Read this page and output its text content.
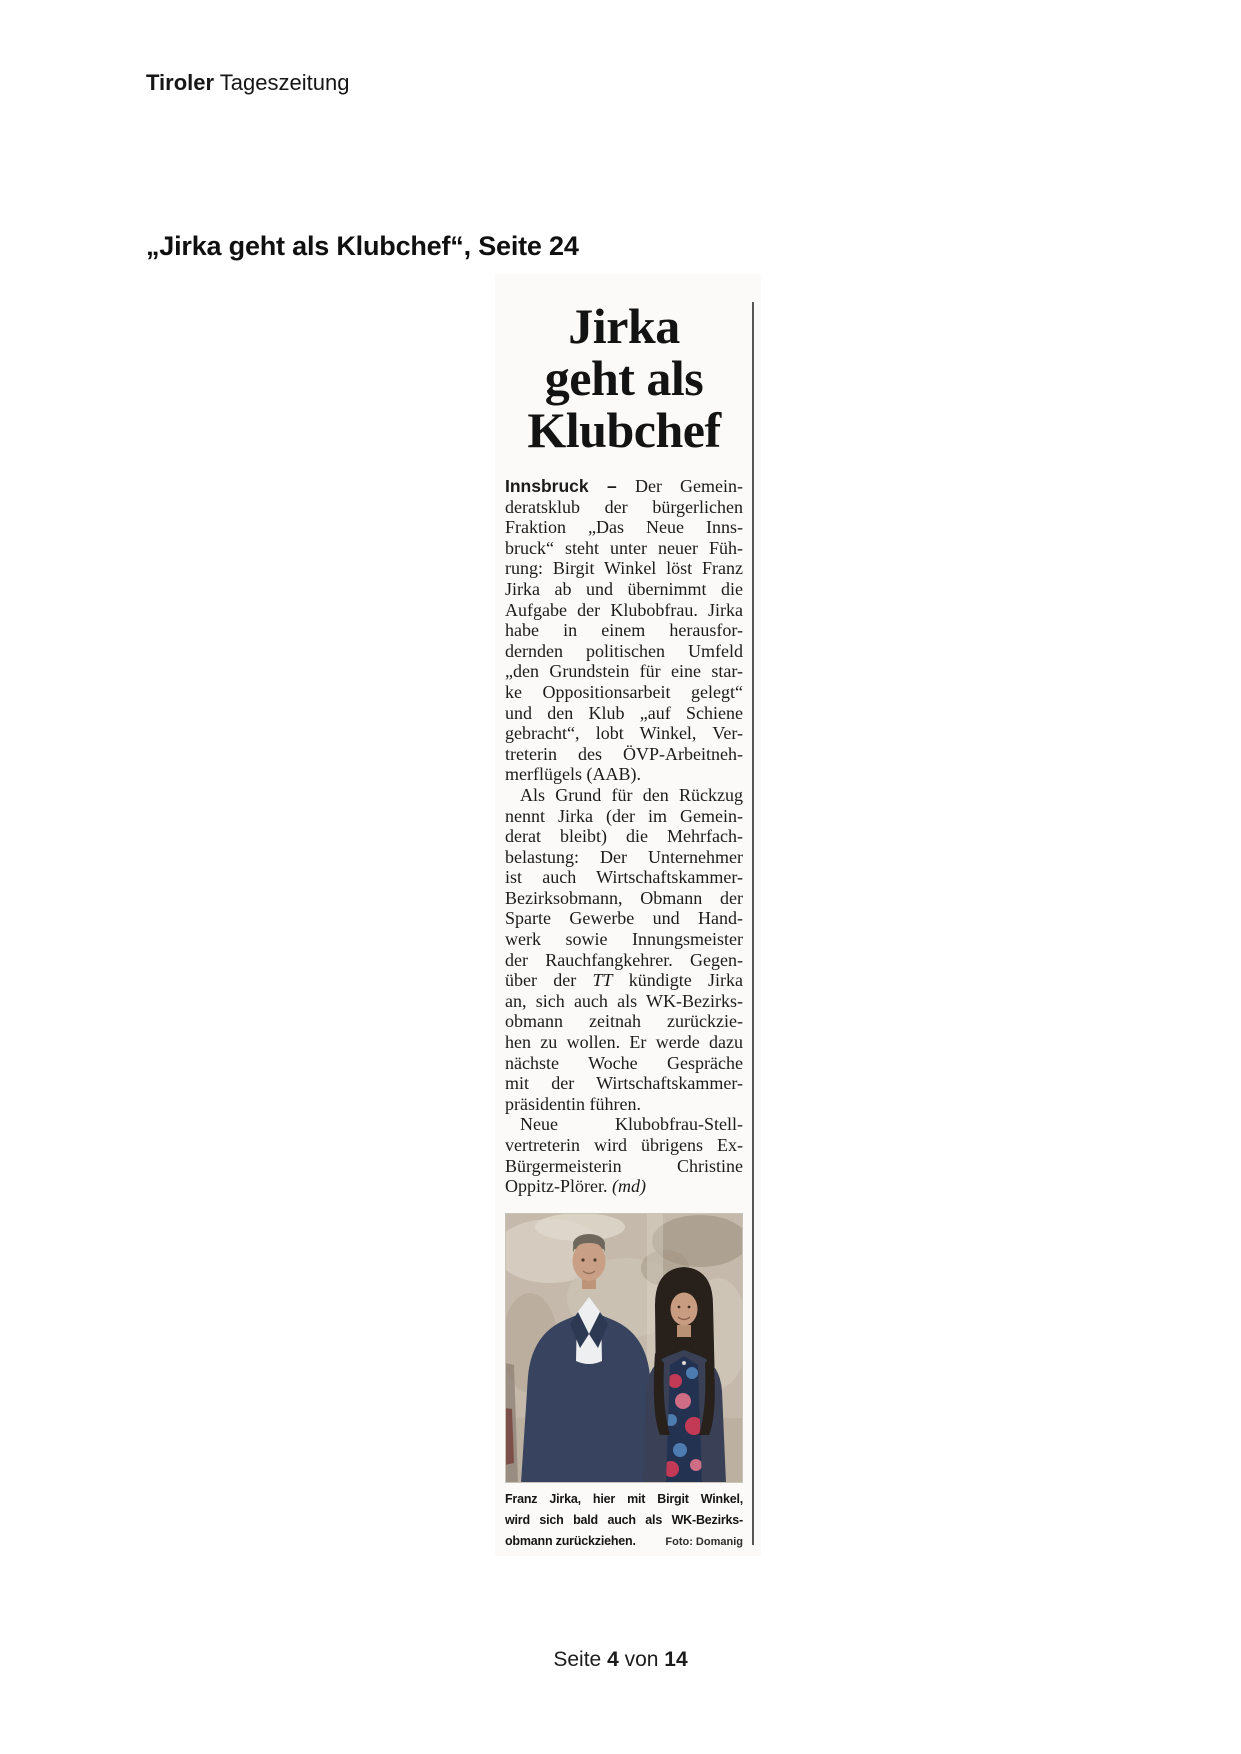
Tiroler Tageszeitung
„Jirka geht als Klubchef“, Seite 24
Jirka
geht als
Klubchef
Innsbruck – Der Gemein-
deratsklub der bürgerlichen
Fraktion „Das Neue Inns-
bruck“ steht unter neuer Füh-
rung: Birgit Winkel löst Franz
Jirka ab und übernimmt die
Aufgabe der Klubobfrau. Jirka
habe in einem herausfor-
dernden politischen Umfeld
„den Grundstein für eine star-
ke Oppositionsarbeit gelegt“
und den Klub „auf Schiene
gebracht“, lobt Winkel, Ver-
treterin des ÖVP-Arbeitneh-
merflügels (AAB).
Als Grund für den Rückzug
nennt Jirka (der im Gemein-
derat bleibt) die Mehrfach-
belastung: Der Unternehmer
ist auch Wirtschaftskammer-
Bezirksobmann, Obmann der
Sparte Gewerbe und Hand-
werk sowie Innungsmeister
der Rauchfangkehrer. Gegen-
über der TT kündigte Jirka
an, sich auch als WK-Bezirks-
obmann zeitnah zurückzie-
hen zu wollen. Er werde dazu
nächste Woche Gespräche
mit der Wirtschaftskammer-
präsidentin führen.
Neue Klubobfrau-Stell-
vertreterin wird übrigens Ex-
Bürgermeisterin Christine
Oppitz-Plörer. (md)
Franz Jirka, hier mit Birgit Winkel,
wird sich bald auch als WK-Bezirks-
obmann zurückziehen.	Foto: Domanig
Seite 4 von 14
